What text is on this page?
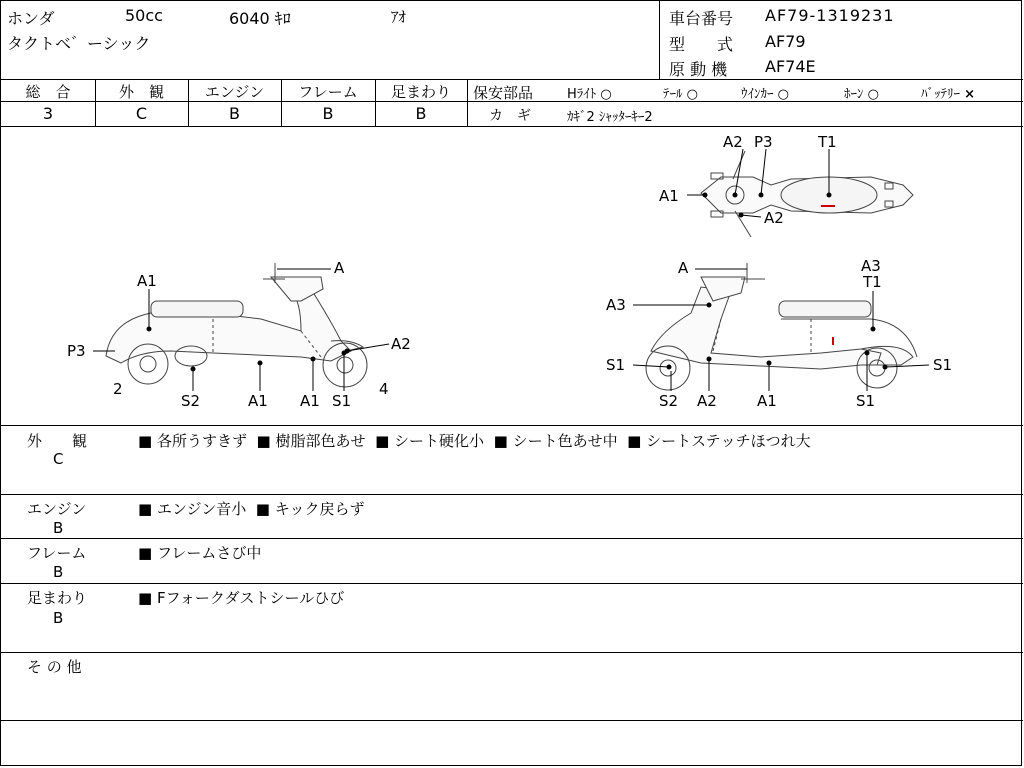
ホンダ	50cc	6040 ｷﾛ	ｱｵ
タクトベ゛ーシック
車台番号 AF79-1319231
型　　式 AF79
原 動 機 AF74E
総　合	外　観	エンジン	フレーム	足まわり
3	C	B	B	B
保安部品	Hﾗｲﾄ ○	ﾃｰﾙ ○	ｳｲﾝｶｰ ○	ﾎｰﾝ ○	ﾊﾞｯﾃﾘｰ ×
カ　ギ	ｶｷﾞ2 ｼｬｯﾀｰｷｰ2
A2 P3	T1
A1
A2
A
A1
P3	A2
2
S2	A1 A1 S1
4
A	A3
T1
A3
S1	S1
S2 A2	A1	S1
外　　観
C
■ 各所うすきず ■ 樹脂部色あせ ■ シート硬化小 ■ シート色あせ中 ■ シートステッチほつれ大
エンジン
B
■ エンジン音小 ■ キック戻らず
フレーム
B
■ フレームさび中
足まわり
B
■ Fフォークダストシールひび
そ の 他
